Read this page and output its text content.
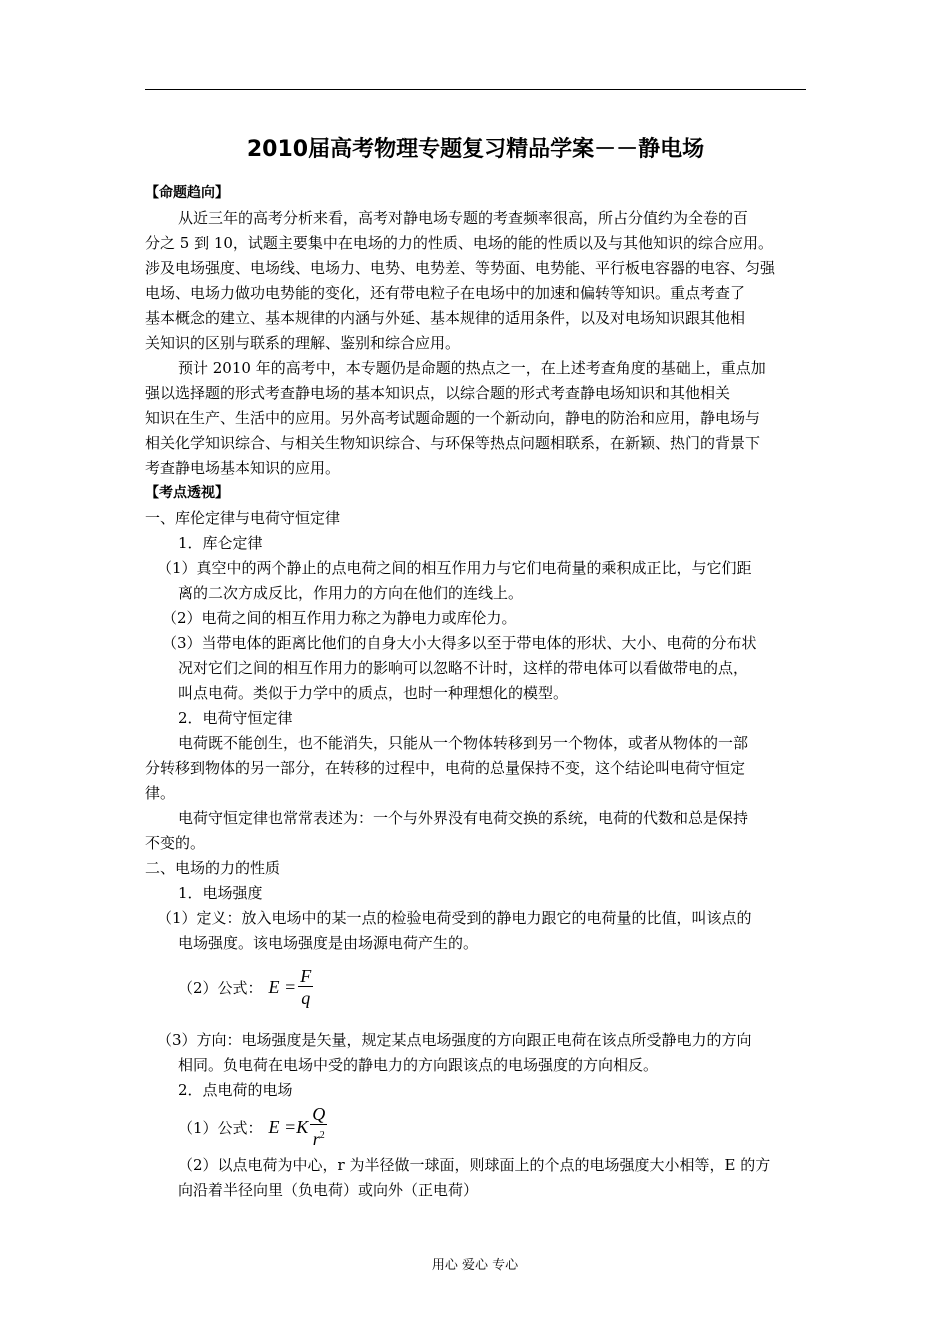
2010届高考物理专题复习精品学案－－静电场
【命题趋向】
从近三年的高考分析来看，高考对静电场专题的考查频率很高，所占分值约为全卷的百
分之 5 到 10，试题主要集中在电场的力的性质、电场的能的性质以及与其他知识的综合应用。
涉及电场强度、电场线、电场力、电势、电势差、等势面、电势能、平行板电容器的电容、匀强
电场、电场力做功电势能的变化，还有带电粒子在电场中的加速和偏转等知识。重点考查了
基本概念的建立、基本规律的内涵与外延、基本规律的适用条件，以及对电场知识跟其他相
关知识的区别与联系的理解、鉴别和综合应用。
预计 2010 年的高考中，本专题仍是命题的热点之一，在上述考查角度的基础上，重点加
强以选择题的形式考查静电场的基本知识点，以综合题的形式考查静电场知识和其他相关
知识在生产、生活中的应用。另外高考试题命题的一个新动向，静电的防治和应用，静电场与
相关化学知识综合、与相关生物知识综合、与环保等热点问题相联系，在新颖、热门的背景下
考查静电场基本知识的应用。
【考点透视】
一、库伦定律与电荷守恒定律
1．库仑定律
（1）真空中的两个静止的点电荷之间的相互作用力与它们电荷量的乘积成正比，与它们距
离的二次方成反比，作用力的方向在他们的连线上。
（2）电荷之间的相互作用力称之为静电力或库伦力。
（3）当带电体的距离比他们的自身大小大得多以至于带电体的形状、大小、电荷的分布状
况对它们之间的相互作用力的影响可以忽略不计时，这样的带电体可以看做带电的点，
叫点电荷。类似于力学中的质点，也时一种理想化的模型。
2．电荷守恒定律
电荷既不能创生，也不能消失，只能从一个物体转移到另一个物体，或者从物体的一部
分转移到物体的另一部分，在转移的过程中，电荷的总量保持不变，这个结论叫电荷守恒定
律。
电荷守恒定律也常常表述为：一个与外界没有电荷交换的系统，电荷的代数和总是保持
不变的。
二、电场的力的性质
1．电场强度
（1）定义：放入电场中的某一点的检验电荷受到的静电力跟它的电荷量的比值，叫该点的
电场强度。该电场强度是由场源电荷产生的。
（2）公式： $E = \frac{F}{q}$
（3）方向：电场强度是矢量，规定某点电场强度的方向跟正电荷在该点所受静电力的方向
相同。负电荷在电场中受的静电力的方向跟该点的电场强度的方向相反。
2．点电荷的电场
（1）公式： $E =K \frac{Q}{r^2}$
（2）以点电荷为中心，r 为半径做一球面，则球面上的个点的电场强度大小相等，E 的方
向沿着半径向里（负电荷）或向外（正电荷）
用心 爱心 专心
